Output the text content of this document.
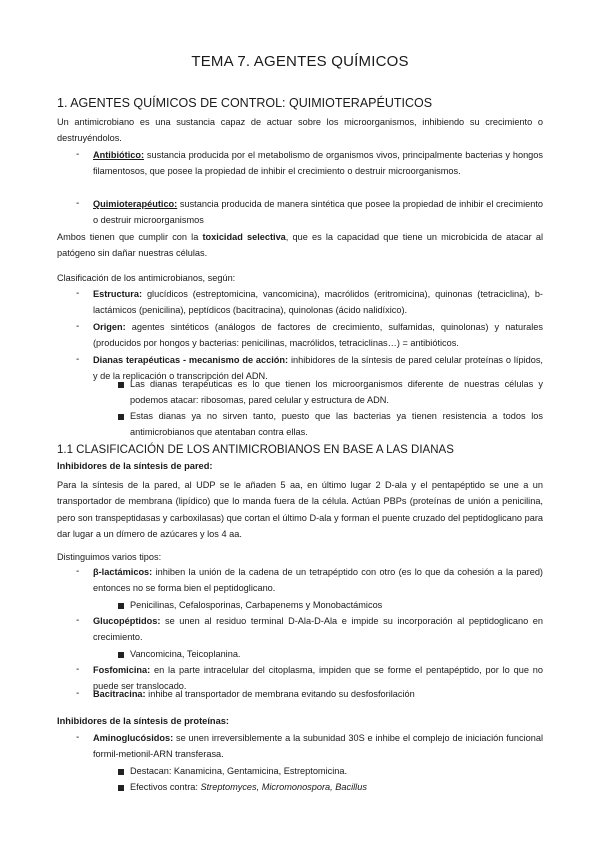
TEMA 7. AGENTES QUÍMICOS
1. AGENTES QUÍMICOS DE CONTROL: QUIMIOTERAPÉUTICOS

Un antimicrobiano es una sustancia capaz de actuar sobre los microorganismos, inhibiendo su crecimiento o destruyéndolos.

- Antibiótico: sustancia producida por el metabolismo de organismos vivos, principalmente bacterias y hongos filamentosos, que posee la propiedad de inhibir el crecimiento o destruir microorganismos.

- Quimioterapéutico: sustancia producida de manera sintética que posee la propiedad de inhibir el crecimiento o destruir microorganismos

Ambos tienen que cumplir con la toxicidad selectiva, que es la capacidad que tiene un microbicida de atacar al patógeno sin dañar nuestras células.

Clasificación de los antimicrobianos, según:

- Estructura: glucídicos (estreptomicina, vancomicina), macrólidos (eritromicina), quinonas (tetraciclina), b-lactámicos (penicilina), peptídicos (bacitracina), quinolonas (ácido nalidíxico).

- Origen: agentes sintéticos (análogos de factores de crecimiento, sulfamidas, quinolonas) y naturales (producidos por hongos y bacterias: penicilinas, macrólidos, tetraciclinas…) = antibióticos.

- Dianas terapéuticas - mecanismo de acción: inhibidores de la síntesis de pared celular proteínas o lípidos, y de la replicación o transcripción del ADN.

Las dianas terapéuticas es lo que tienen los microorganismos diferente de nuestras células y podemos atacar: ribosomas, pared celular y estructura de ADN.

Estas dianas ya no sirven tanto, puesto que las bacterias ya tienen resistencia a todos los antimicrobianos que atentaban contra ellas.

1.1 CLASIFICACIÓN DE LOS ANTIMICROBIANOS EN BASE A LAS DIANAS

Inhibidores de la síntesis de pared:

Para la síntesis de la pared, al UDP se le añaden 5 aa, en último lugar 2 D-ala y el pentapéptido se une a un transportador de membrana (lipídico) que lo manda fuera de la célula. Actúan PBPs (proteínas de unión a penicilina, pero son transpeptidasas y carboxilasas) que cortan el último D-ala y forman el puente cruzado del peptidoglicano para dar lugar a un dímero de azúcares y los 4 aa.

Distinguimos varios tipos:

- β-lactámicos: inhiben la unión de la cadena de un tetrapéptido con otro (es lo que da cohesión a la pared) entonces no se forma bien el peptidoglicano.

Penicilinas, Cefalosporinas, Carbapenems y Monobactámicos

- Glucopéptidos: se unen al residuo terminal D-Ala-D-Ala e impide su incorporación al peptidoglicano en crecimiento.

Vancomicina, Teicoplanina.

- Fosfomicina: en la parte intracelular del citoplasma, impiden que se forme el pentapéptido, por lo que no puede ser translocado.

- Bacitracina: inhibe al transportador de membrana evitando su desfosforilación

Inhibidores de la síntesis de proteínas:

- Aminoglucósidos: se unen irreversiblemente a la subunidad 30S e inhibe el complejo de iniciación funcional formil-metionil-ARN transferasa.

Destacan: Kanamicina, Gentamicina, Estreptomicina.

Efectivos contra: Streptomyces, Micromonospora, Bacillus
